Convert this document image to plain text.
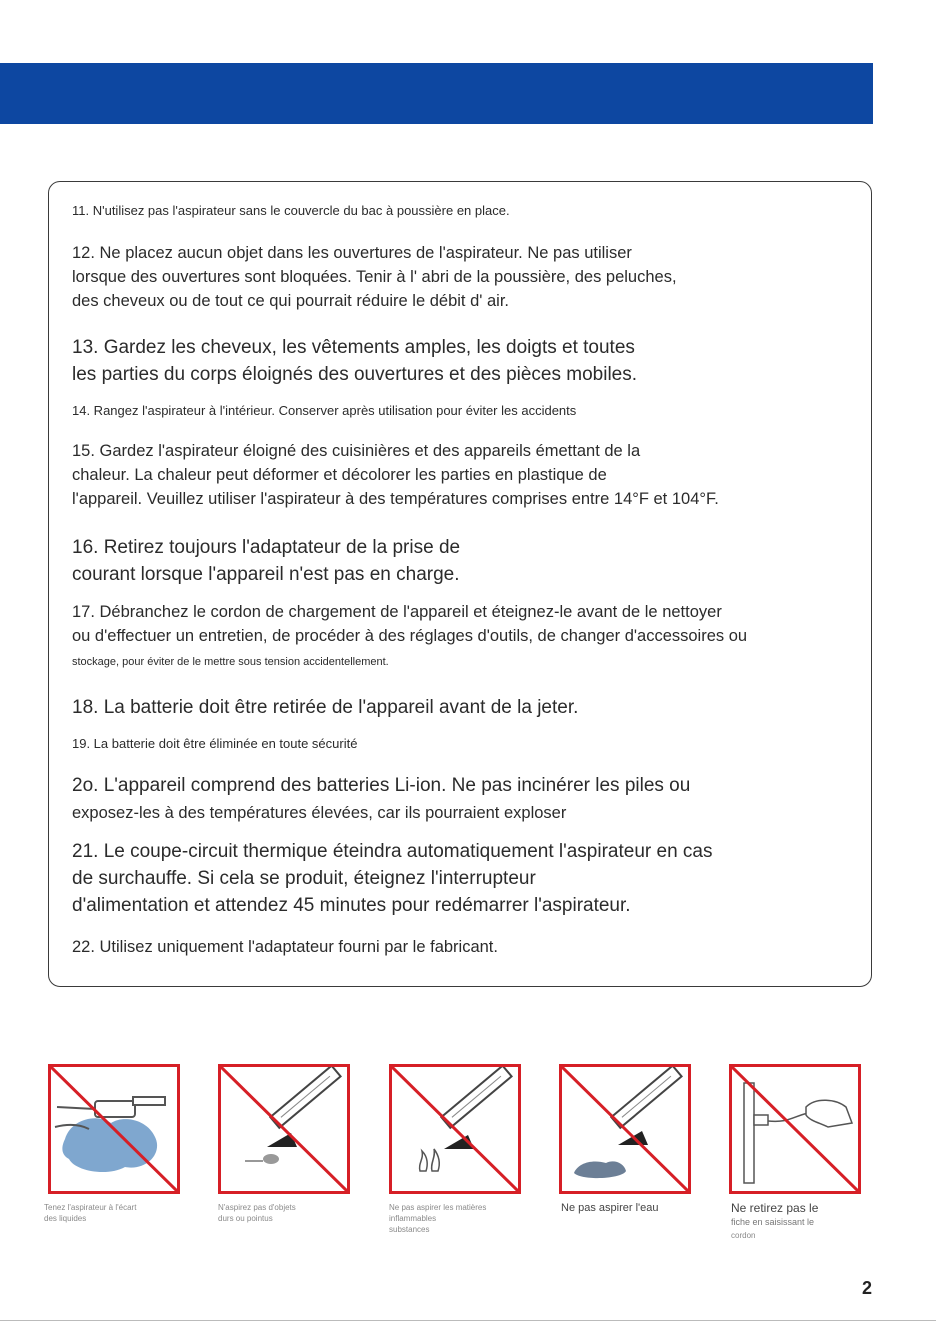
11. N'utilisez pas l'aspirateur sans le couvercle du bac à poussière en place.

12. Ne placez aucun objet dans les ouvertures de l'aspirateur. Ne pas utiliser
lorsque des ouvertures sont bloquées. Tenir à l' abri de la poussière, des peluches,
des cheveux ou de tout ce qui pourrait réduire le débit d' air.

13. Gardez les cheveux, les vêtements amples, les doigts et toutes
les parties du corps éloignés des ouvertures et des pièces mobiles.

14. Rangez l'aspirateur à l'intérieur. Conserver après utilisation pour éviter les accidents

15. Gardez l'aspirateur éloigné des cuisinières et des appareils émettant de la
chaleur. La chaleur peut déformer et décolorer les parties en plastique de
l'appareil. Veuillez utiliser l'aspirateur à des températures comprises entre 14°F et 104°F.

16. Retirez toujours l'adaptateur de la prise de
courant lorsque l'appareil n'est pas en charge.

17. Débranchez le cordon de chargement de l'appareil et éteignez-le avant de le nettoyer
ou d'effectuer un entretien, de procéder à des réglages d'outils, de changer d'accessoires ou
stockage, pour éviter de le mettre sous tension accidentellement.

18. La batterie doit être retirée de l'appareil avant de la jeter.

19. La batterie doit être éliminée en toute sécurité

2o. L'appareil comprend des batteries Li-ion. Ne pas incinérer les piles ou
exposez-les à des températures élevées, car ils pourraient exploser

21. Le coupe-circuit thermique éteindra automatiquement l'aspirateur en cas
de surchauffe. Si cela se produit, éteignez l'interrupteur
d'alimentation et attendez 45 minutes pour redémarrer l'aspirateur.

22. Utilisez uniquement l'adaptateur fourni par le fabricant.

Tenez l'aspirateur à l'écart
des liquides
N'aspirez pas d'objets
durs ou pointus
Ne pas aspirer les matières
inflammables
substances
Ne pas aspirer l'eau	Ne retirez pas le
fiche en saisissant le
cordon
2
